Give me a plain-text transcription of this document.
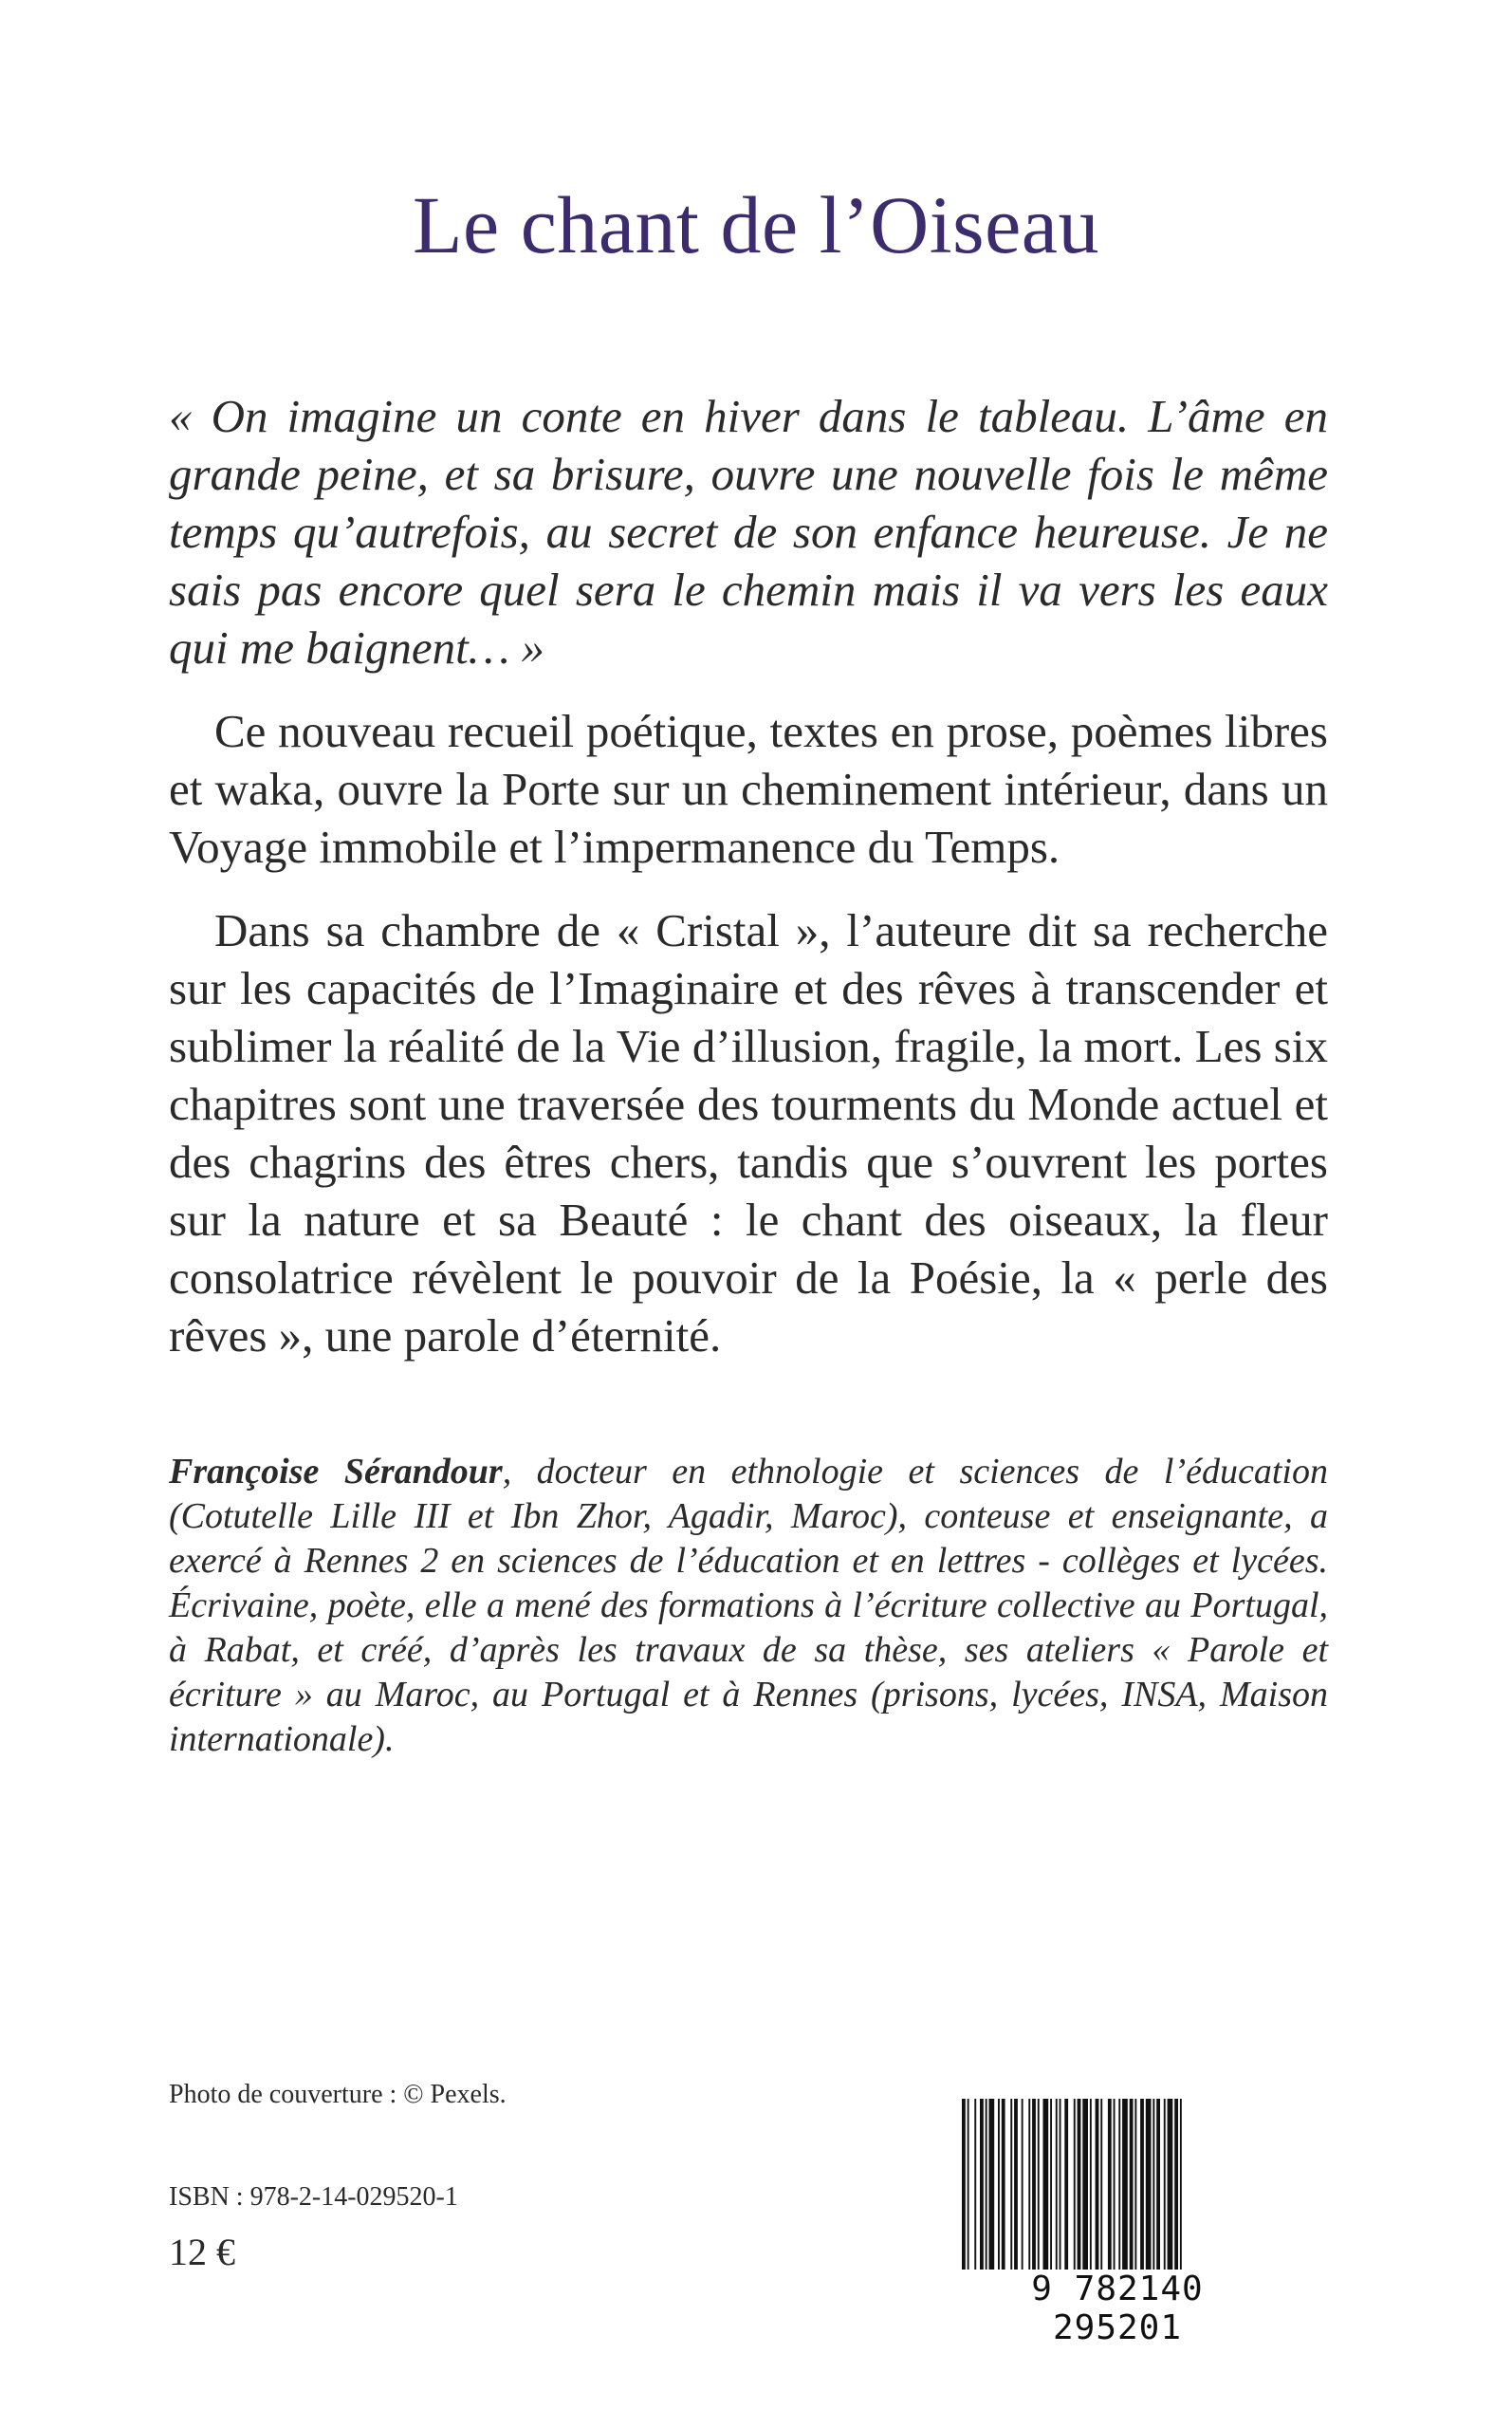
Le chant de l’Oiseau

« On imagine un conte en hiver dans le tableau. L’âme en grande peine, et sa brisure, ouvre une nouvelle fois le même temps qu’autrefois, au secret de son enfance heureuse. Je ne sais pas encore quel sera le chemin mais il va vers les eaux qui me baignent… »

Ce nouveau recueil poétique, textes en prose, poèmes libres et waka, ouvre la Porte sur un cheminement intérieur, dans un Voyage immobile et l’impermanence du Temps.

Dans sa chambre de « Cristal », l’auteure dit sa recherche sur les capacités de l’Imaginaire et des rêves à transcender et sublimer la réalité de la Vie d’illusion, fragile, la mort. Les six chapitres sont une traversée des tourments du Monde actuel et des chagrins des êtres chers, tandis que s’ouvrent les portes sur la nature et sa Beauté : le chant des oiseaux, la fleur consolatrice révèlent le pouvoir de la Poésie, la « perle des rêves », une parole d’éternité.

Françoise Sérandour, docteur en ethnologie et sciences de l’éducation (Cotutelle Lille III et Ibn Zhor, Agadir, Maroc), conteuse et enseignante, a exercé à Rennes 2 en sciences de l’éducation et en lettres - collèges et lycées. Écrivaine, poète, elle a mené des formations à l’écriture collective au Portugal, à Rabat, et créé, d’après les travaux de sa thèse, ses ateliers « Parole et écriture » au Maroc, au Portugal et à Rennes (prisons, lycées, INSA, Maison internationale).

Photo de couverture : © Pexels.

ISBN : 978-2-14-029520-1

12 €

9 782140 295201
